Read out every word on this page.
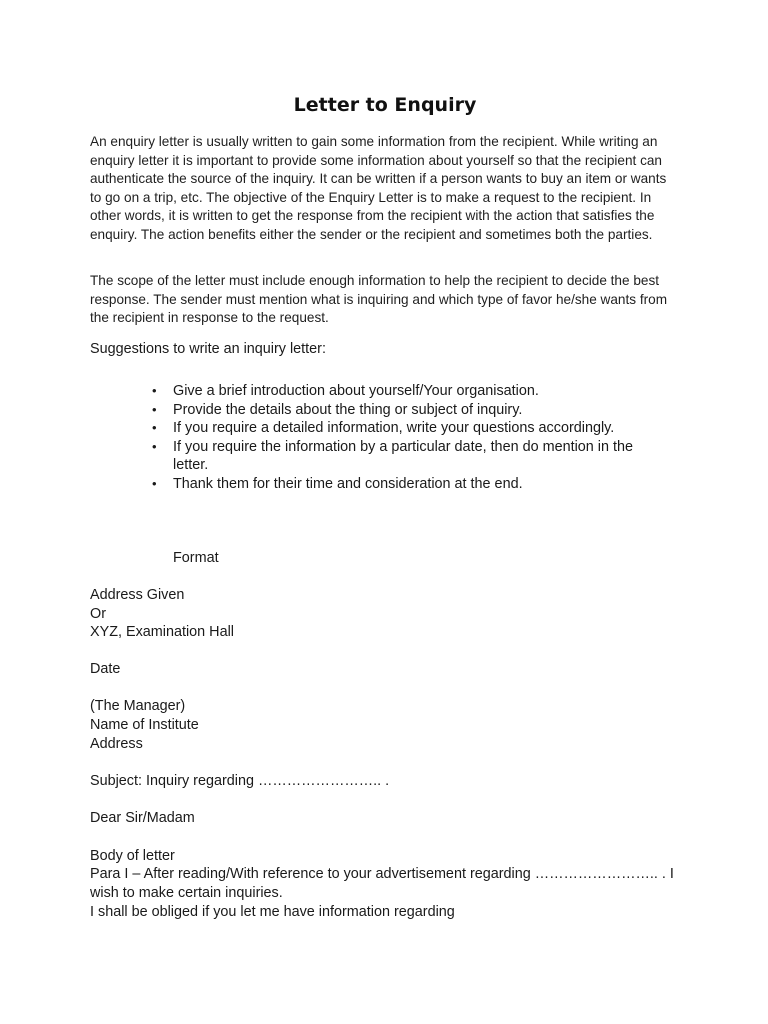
Letter to Enquiry
An enquiry letter is usually written to gain some information from the recipient. While writing an enquiry letter it is important to provide some information about yourself so that the recipient can authenticate the source of the inquiry. It can be written if a person wants to buy an item or wants to go on a trip, etc. The objective of the Enquiry Letter is to make a request to the recipient. In other words, it is written to get the response from the recipient with the action that satisfies the enquiry. The action benefits either the sender or the recipient and sometimes both the parties.
The scope of the letter must include enough information to help the recipient to decide the best response. The sender must mention what is inquiring and which type of favor he/she wants from the recipient in response to the request.
Suggestions to write an inquiry letter:
• Give a brief introduction about yourself/Your organisation.
• Provide the details about the thing or subject of inquiry.
• If you require a detailed information, write your questions accordingly.
• If you require the information by a particular date, then do mention in the letter.
• Thank them for their time and consideration at the end.
Format
Address Given
Or
XYZ, Examination Hall
Date
(The Manager)
Name of Institute
Address
Subject: Inquiry regarding …………………….. .
Dear Sir/Madam
Body of letter
Para I – After reading/With reference to your advertisement regarding …………………….. . I wish to make certain inquiries.
I shall be obliged if you let me have information regarding
